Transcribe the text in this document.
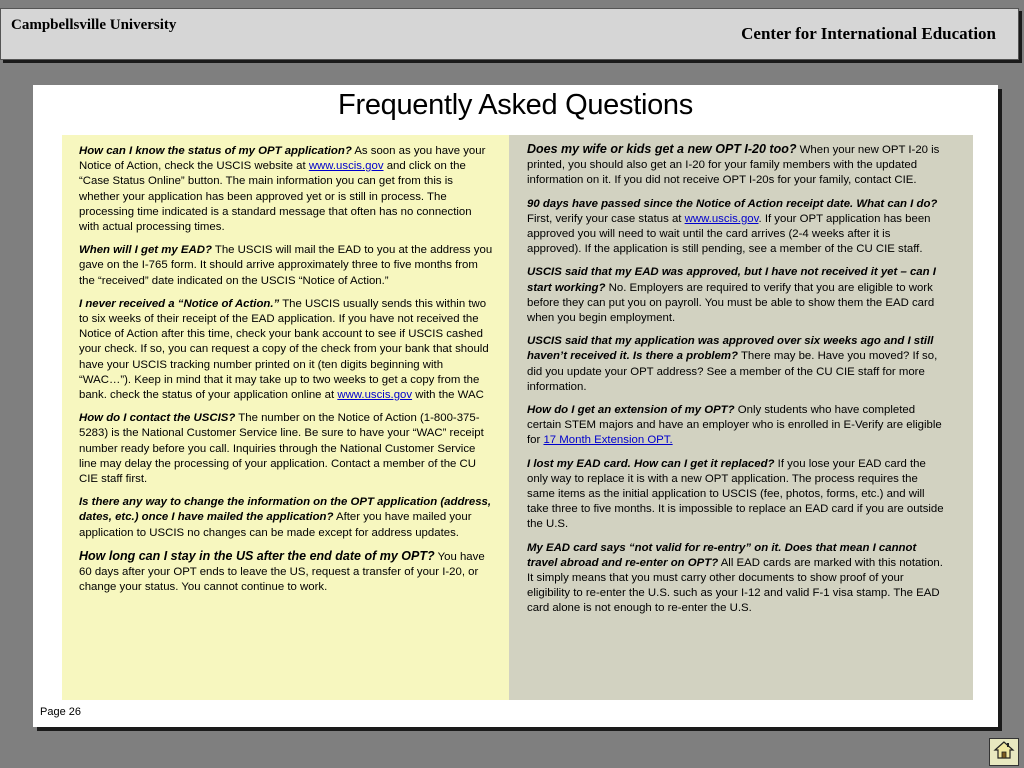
Campbellsville University	Center for International Education
Frequently Asked Questions

How can I know the status of my OPT application? As soon as you have your Notice of Action, check the USCIS website at www.uscis.gov and click on the “Case Status Online” button. The main information you can get from this is whether your application has been approved yet or is still in process. The processing time indicated is a standard message that often has no connection with actual processing times.

When will I get my EAD? The USCIS will mail the EAD to you at the address you gave on the I-765 form. It should arrive approximately three to five months from the “received” date indicated on the USCIS “Notice of Action.”

I never received a “Notice of Action.” The USCIS usually sends this within two to six weeks of their receipt of the EAD application. If you have not received the Notice of Action after this time, check your bank account to see if USCIS cashed your check. If so, you can request a copy of the check from your bank that should have your USCIS tracking number printed on it (ten digits beginning with “WAC…”). Keep in mind that it may take up to two weeks to get a copy from the bank. check the status of your application online at www.uscis.gov with the WAC

How do I contact the USCIS? The number on the Notice of Action (1-800-375-5283) is the National Customer Service line. Be sure to have your “WAC” receipt number ready before you call. Inquiries through the National Customer Service line may delay the processing of your application. Contact a member of the CU CIE staff first.

Is there any way to change the information on the OPT application (address, dates, etc.) once I have mailed the application? After you have mailed your application to USCIS no changes can be made except for address updates.

How long can I stay in the US after the end date of my OPT? You have 60 days after your OPT ends to leave the US, request a transfer of your I-20, or change your status. You cannot continue to work.

Does my wife or kids get a new OPT I-20 too? When your new OPT I-20 is printed, you should also get an I-20 for your family members with the updated information on it. If you did not receive OPT I-20s for your family, contact CIE.

90 days have passed since the Notice of Action receipt date. What can I do? First, verify your case status at www.uscis.gov. If your OPT application has been approved you will need to wait until the card arrives (2-4 weeks after it is approved). If the application is still pending, see a member of the CU CIE staff.

USCIS said that my EAD was approved, but I have not received it yet – can I start working? No. Employers are required to verify that you are eligible to work before they can put you on payroll. You must be able to show them the EAD card when you begin employment.

USCIS said that my application was approved over six weeks ago and I still haven’t received it. Is there a problem? There may be. Have you moved? If so, did you update your OPT address? See a member of the CU CIE staff for more information.

How do I get an extension of my OPT? Only students who have completed certain STEM majors and have an employer who is enrolled in E-Verify are eligible for 17 Month Extension OPT.

I lost my EAD card. How can I get it replaced? If you lose your EAD card the only way to replace it is with a new OPT application. The process requires the same items as the initial application to USCIS (fee, photos, forms, etc.) and will take three to five months. It is impossible to replace an EAD card if you are outside the U.S.

My EAD card says “not valid for re-entry” on it. Does that mean I cannot travel abroad and re-enter on OPT? All EAD cards are marked with this notation. It simply means that you must carry other documents to show proof of your eligibility to re-enter the U.S. such as your I-12 and valid F-1 visa stamp. The EAD card alone is not enough to re-enter the U.S.

Page 26
